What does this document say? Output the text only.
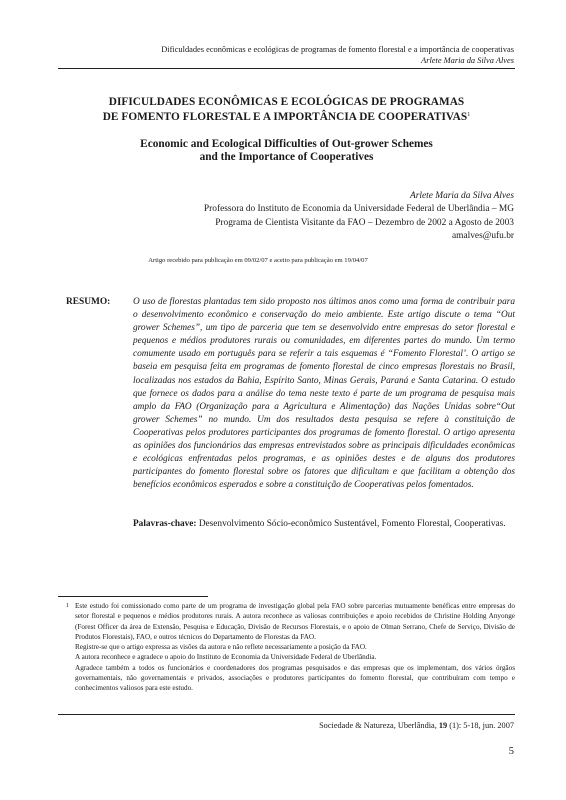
Dificuldades econômicas e ecológicas de programas de fomento florestal e a importância de cooperativas
Arlete Maria da Silva Alves
DIFICULDADES ECONÔMICAS E ECOLÓGICAS DE PROGRAMAS
DE FOMENTO FLORESTAL E A IMPORTÂNCIA DE COOPERATIVAS$^1$
Economic and Ecological Difficulties of Out-grower Schemes
and the Importance of Cooperatives
Arlete Maria da Silva Alves
Professora do Instituto de Economia da Universidade Federal de Uberlândia – MG
Programa de Cientista Visitante da FAO – Dezembro de 2002 a Agosto de 2003
amalves@ufu.br
Artigo recebido para publicação em 09/02/07 e aceito para publicação em 19/04/07
RESUMO: O uso de florestas plantadas tem sido proposto nos últimos anos como uma forma de contribuir para o desenvolvimento econômico e conservação do meio ambiente. Este artigo discute o tema “Out grower Schemes”, um tipo de parceria que tem se desenvolvido entre empresas do setor florestal e pequenos e médios produtores rurais ou comunidades, em diferentes partes do mundo. Um termo comumente usado em português para se referir a tais esquemas é “Fomento Florestal’. O artigo se baseia em pesquisa feita em programas de fomento florestal de cinco empresas florestais no Brasil, localizadas nos estados da Bahia, Espírito Santo, Minas Gerais, Paraná e Santa Catarina. O estudo que fornece os dados para a análise do tema neste texto é parte de um programa de pesquisa mais amplo da FAO (Organização para a Agricultura e Alimentação) das Nações Unidas sobre“Out grower Schemes” no mundo. Um dos resultados desta pesquisa se refere à constituição de Cooperativas pelos produtores participantes dos programas de fomento florestal. O artigo apresenta as opiniões dos funcionários das empresas entrevistados sobre as principais dificuldades econômicas e ecológicas enfrentadas pelos programas, e as opiniões destes e de alguns dos produtores participantes do fomento florestal sobre os fatores que dificultam e que facilitam a obtenção dos benefícios econômicos esperados e sobre a constituição de Cooperativas pelos fomentados.

Palavras-chave: Desenvolvimento Sócio-econômico Sustentável, Fomento Florestal, Cooperativas.

1 Este estudo foi comissionado como parte de um programa de investigação global pela FAO sobre parcerias mutuamente benéficas entre empresas do setor florestal e pequenos e médios produtores rurais. A autora reconhece as valiosas contribuições e apoio recebidos de Christine Holding Anyonge (Forest Officer da área de Extensão, Pesquisa e Educação, Divisão de Recursos Florestais, e o apoio de Olman Serrano, Chefe de Serviço, Divisão de Produtos Florestais), FAO, e outros técnicos do Departamento de Florestas da FAO.

Registre-se que o artigo expressa as visões da autora e não reflete necessariamente a posição da FAO.

A autora reconhece e agradece o apoio do Instituto de Economia da Universidade Federal de Uberlândia.

Agradece também a todos os funcionários e coordenadores dos programas pesquisados e das empresas que os implementam, dos vários órgãos governamentais, não governamentais e privados, associações e produtores participantes do fomento florestal, que contribuíram com tempo e conhecimentos valiosos para este estudo.

Sociedade & Natureza, Uberlândia, 19 (1): 5-18, jun. 2007
5
